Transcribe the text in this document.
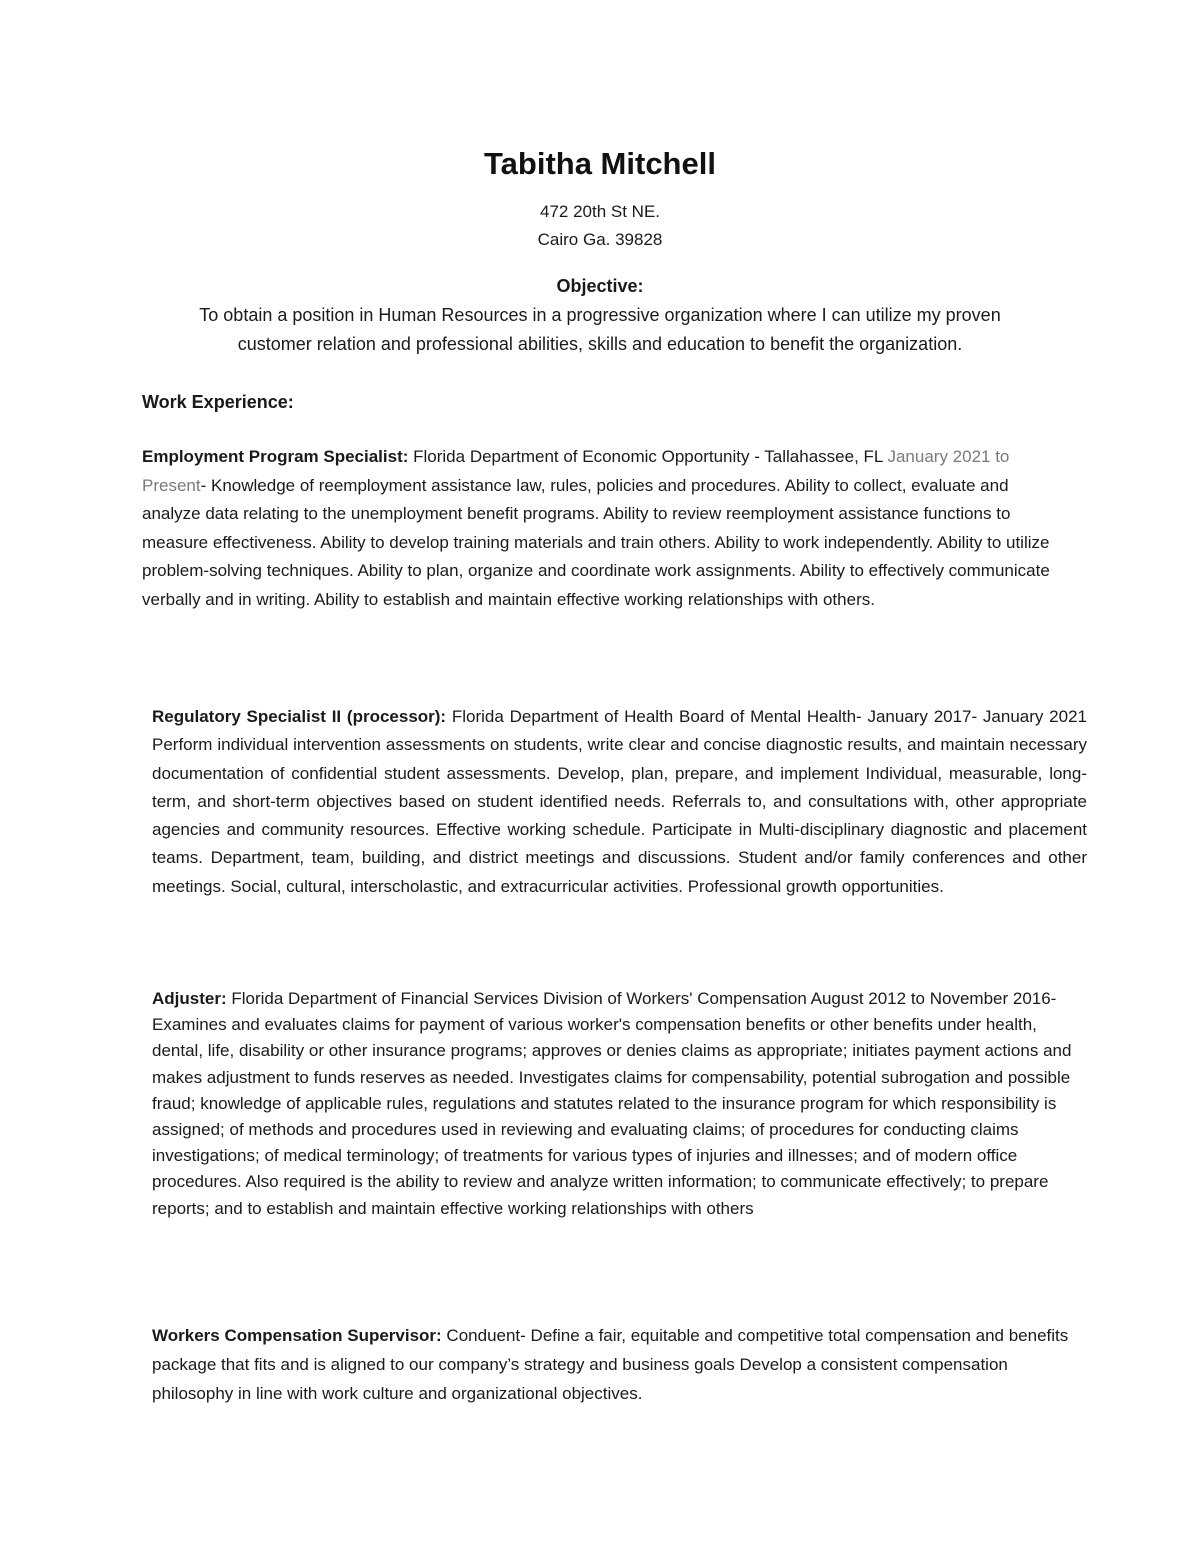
Tabitha Mitchell
472 20th St NE.
Cairo Ga. 39828
Objective:
To obtain a position in Human Resources in a progressive organization where I can utilize my proven
customer relation and professional abilities, skills and education to benefit the organization.
Work Experience:
Employment Program Specialist: Florida Department of Economic Opportunity - Tallahassee, FL January 2021 to Present- Knowledge of reemployment assistance law, rules, policies and procedures. Ability to collect, evaluate and analyze data relating to the unemployment benefit programs. Ability to review reemployment assistance functions to measure effectiveness. Ability to develop training materials and train others. Ability to work independently. Ability to utilize problem-solving techniques. Ability to plan, organize and coordinate work assignments. Ability to effectively communicate verbally and in writing. Ability to establish and maintain effective working relationships with others.
Regulatory Specialist II (processor): Florida Department of Health Board of Mental Health- January 2017- January 2021 Perform individual intervention assessments on students, write clear and concise diagnostic results, and maintain necessary documentation of confidential student assessments. Develop, plan, prepare, and implement Individual, measurable, long-term, and short-term objectives based on student identified needs. Referrals to, and consultations with, other appropriate agencies and community resources. Effective working schedule. Participate in Multi-disciplinary diagnostic and placement teams. Department, team, building, and district meetings and discussions. Student and/or family conferences and other meetings. Social, cultural, interscholastic, and extracurricular activities. Professional growth opportunities.
Adjuster: Florida Department of Financial Services Division of Workers' Compensation August 2012 to November 2016- Examines and evaluates claims for payment of various worker's compensation benefits or other benefits under health, dental, life, disability or other insurance programs; approves or denies claims as appropriate; initiates payment actions and makes adjustment to funds reserves as needed. Investigates claims for compensability, potential subrogation and possible fraud; knowledge of applicable rules, regulations and statutes related to the insurance program for which responsibility is assigned; of methods and procedures used in reviewing and evaluating claims; of procedures for conducting claims investigations; of medical terminology; of treatments for various types of injuries and illnesses; and of modern office procedures. Also required is the ability to review and analyze written information; to communicate effectively; to prepare reports; and to establish and maintain effective working relationships with others
Workers Compensation Supervisor: Conduent- Define a fair, equitable and competitive total compensation and benefits package that fits and is aligned to our company’s strategy and business goals Develop a consistent compensation philosophy in line with work culture and organizational objectives.
